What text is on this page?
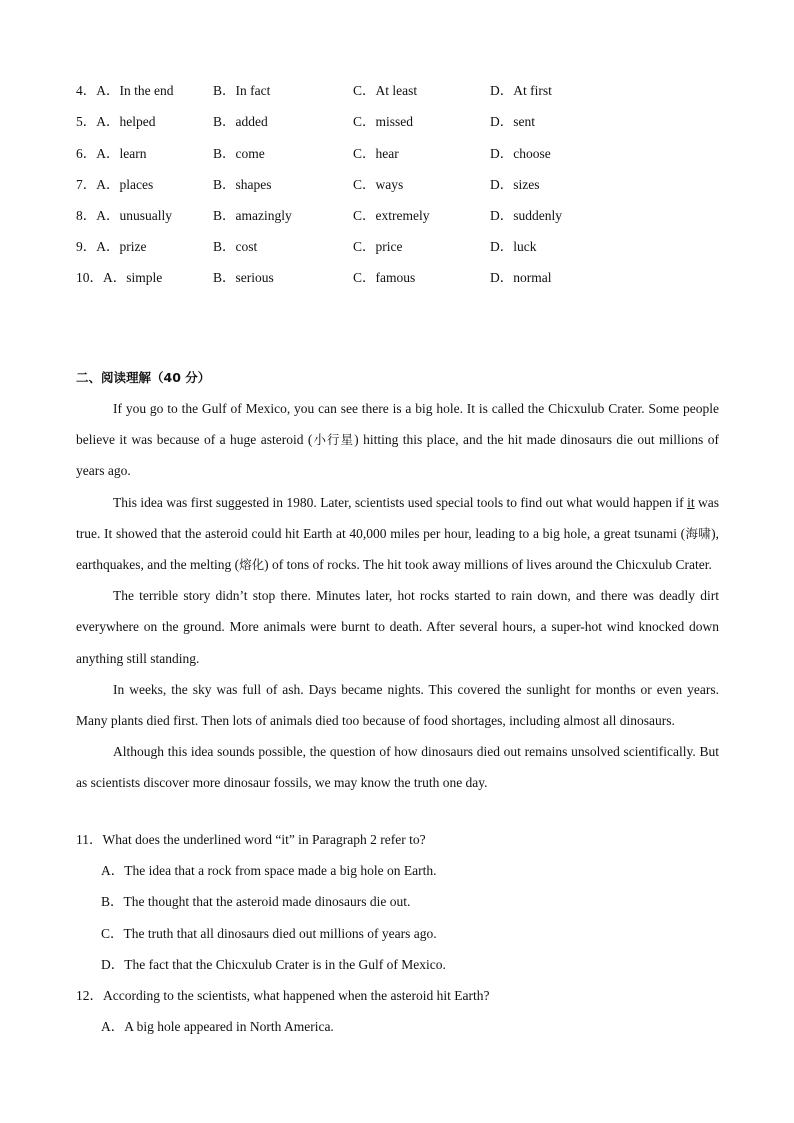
4．A．In the end	B．In fact	C．At least	D．At first
5．A．helped	B．added	C．missed	D．sent
6．A．learn	B．come	C．hear	D．choose
7．A．places	B．shapes	C．ways	D．sizes
8．A．unusually	B．amazingly	C．extremely	D．suddenly
9．A．prize	B．cost	C．price	D．luck
10．A．simple	B．serious	C．famous	D．normal
二、阅读理解（40 分）

If you go to the Gulf of Mexico, you can see there is a big hole. It is called the Chicxulub Crater. Some people believe it was because of a huge asteroid (小行星) hitting this place, and the hit made dinosaurs die out millions of years ago.

This idea was first suggested in 1980. Later, scientists used special tools to find out what would happen if it was true. It showed that the asteroid could hit Earth at 40,000 miles per hour, leading to a big hole, a great tsunami (海啸), earthquakes, and the melting (熔化) of tons of rocks. The hit took away millions of lives around the Chicxulub Crater.

The terrible story didn’t stop there. Minutes later, hot rocks started to rain down, and there was deadly dirt everywhere on the ground. More animals were burnt to death. After several hours, a super-hot wind knocked down anything still standing.

In weeks, the sky was full of ash. Days became nights. This covered the sunlight for months or even years. Many plants died first. Then lots of animals died too because of food shortages, including almost all dinosaurs.

Although this idea sounds possible, the question of how dinosaurs died out remains unsolved scientifically. But as scientists discover more dinosaur fossils, we may know the truth one day.

11．What does the underlined word “it” in Paragraph 2 refer to?
A．The idea that a rock from space made a big hole on Earth.
B．The thought that the asteroid made dinosaurs die out.
C．The truth that all dinosaurs died out millions of years ago.
D．The fact that the Chicxulub Crater is in the Gulf of Mexico.
12．According to the scientists, what happened when the asteroid hit Earth?
A．A big hole appeared in North America.
